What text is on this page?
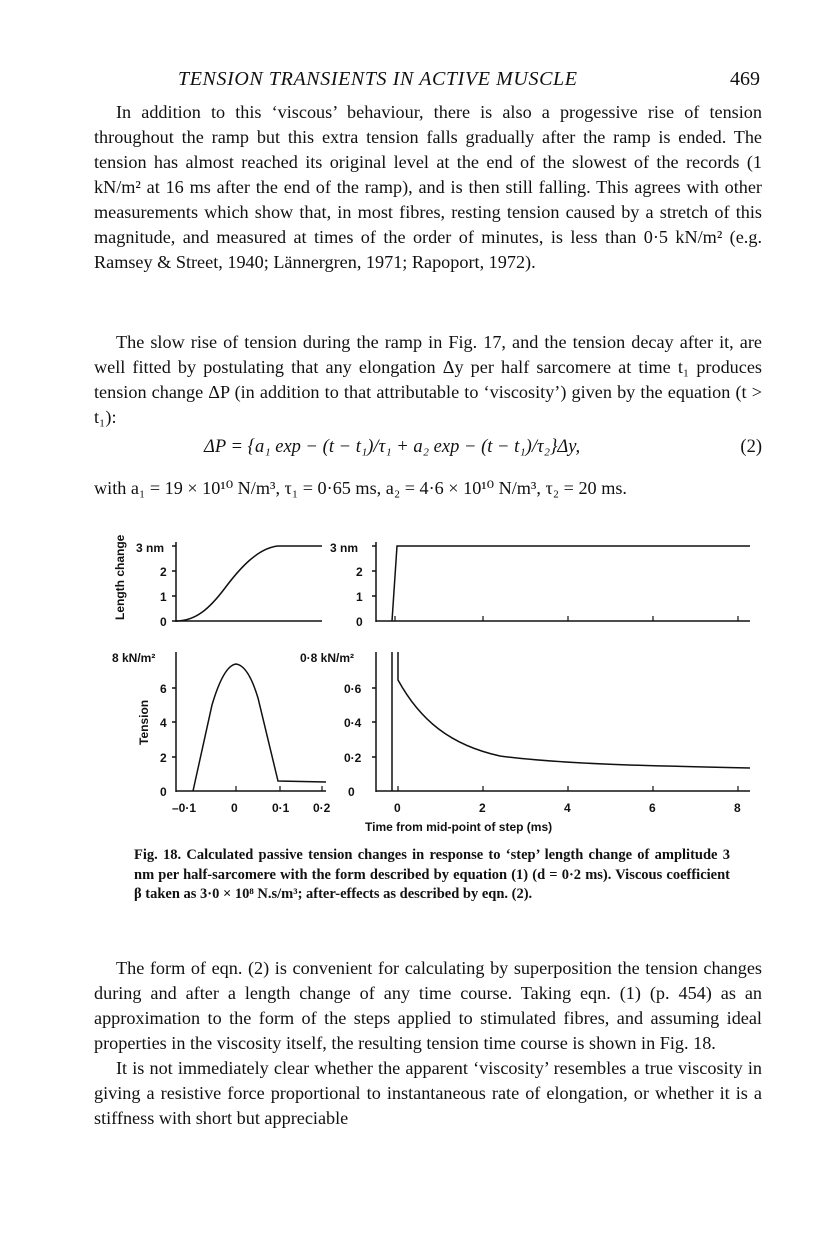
TENSION TRANSIENTS IN ACTIVE MUSCLE	469

In addition to this ‘viscous’ behaviour, there is also a progessive rise of tension throughout the ramp but this extra tension falls gradually after the ramp is ended. The tension has almost reached its original level at the end of the slowest of the records (1 kN/m² at 16 ms after the end of the ramp), and is then still falling. This agrees with other measurements which show that, in most fibres, resting tension caused by a stretch of this magnitude, and measured at times of the order of minutes, is less than 0·5 kN/m² (e.g. Ramsey & Street, 1940; Lännergren, 1971; Rapoport, 1972).

The slow rise of tension during the ramp in Fig. 17, and the tension decay after it, are well fitted by postulating that any elongation Δy per half sarcomere at time t₁ produces tension change ΔP (in addition to that attributable to ‘viscosity’) given by the equation (t > t₁):

ΔP = {a₁ exp − (t − t₁)/τ₁ + a₂ exp − (t − t₁)/τ₂}Δy,	(2)

with a₁ = 19 × 10¹⁰ N/m³, τ₁ = 0·65 ms, a₂ = 4·6 × 10¹⁰ N/m³, τ₂ = 20 ms.

3 nm
2
1
0
Length change	3 nm
2
1
0
8 kN/m²
6
4
2
0
Tension
–0·1	0	0·1 0·2
0·8 kN/m²
0·6
0·4
0·2
0
0	2	4	6	8
Time from mid-point of step (ms)

Fig. 18. Calculated passive tension changes in response to ‘step’ length change of amplitude 3 nm per half-sarcomere with the form described by equation (1) (d = 0·2 ms). Viscous coefficient β taken as 3·0 × 10⁸ N.s/m³; after-effects as described by eqn. (2).

The form of eqn. (2) is convenient for calculating by superposition the tension changes during and after a length change of any time course. Taking eqn. (1) (p. 454) as an approximation to the form of the steps applied to stimulated fibres, and assuming ideal properties in the viscosity itself, the resulting tension time course is shown in Fig. 18.

It is not immediately clear whether the apparent ‘viscosity’ resembles a true viscosity in giving a resistive force proportional to instantaneous rate of elongation, or whether it is a stiffness with short but appreciable
